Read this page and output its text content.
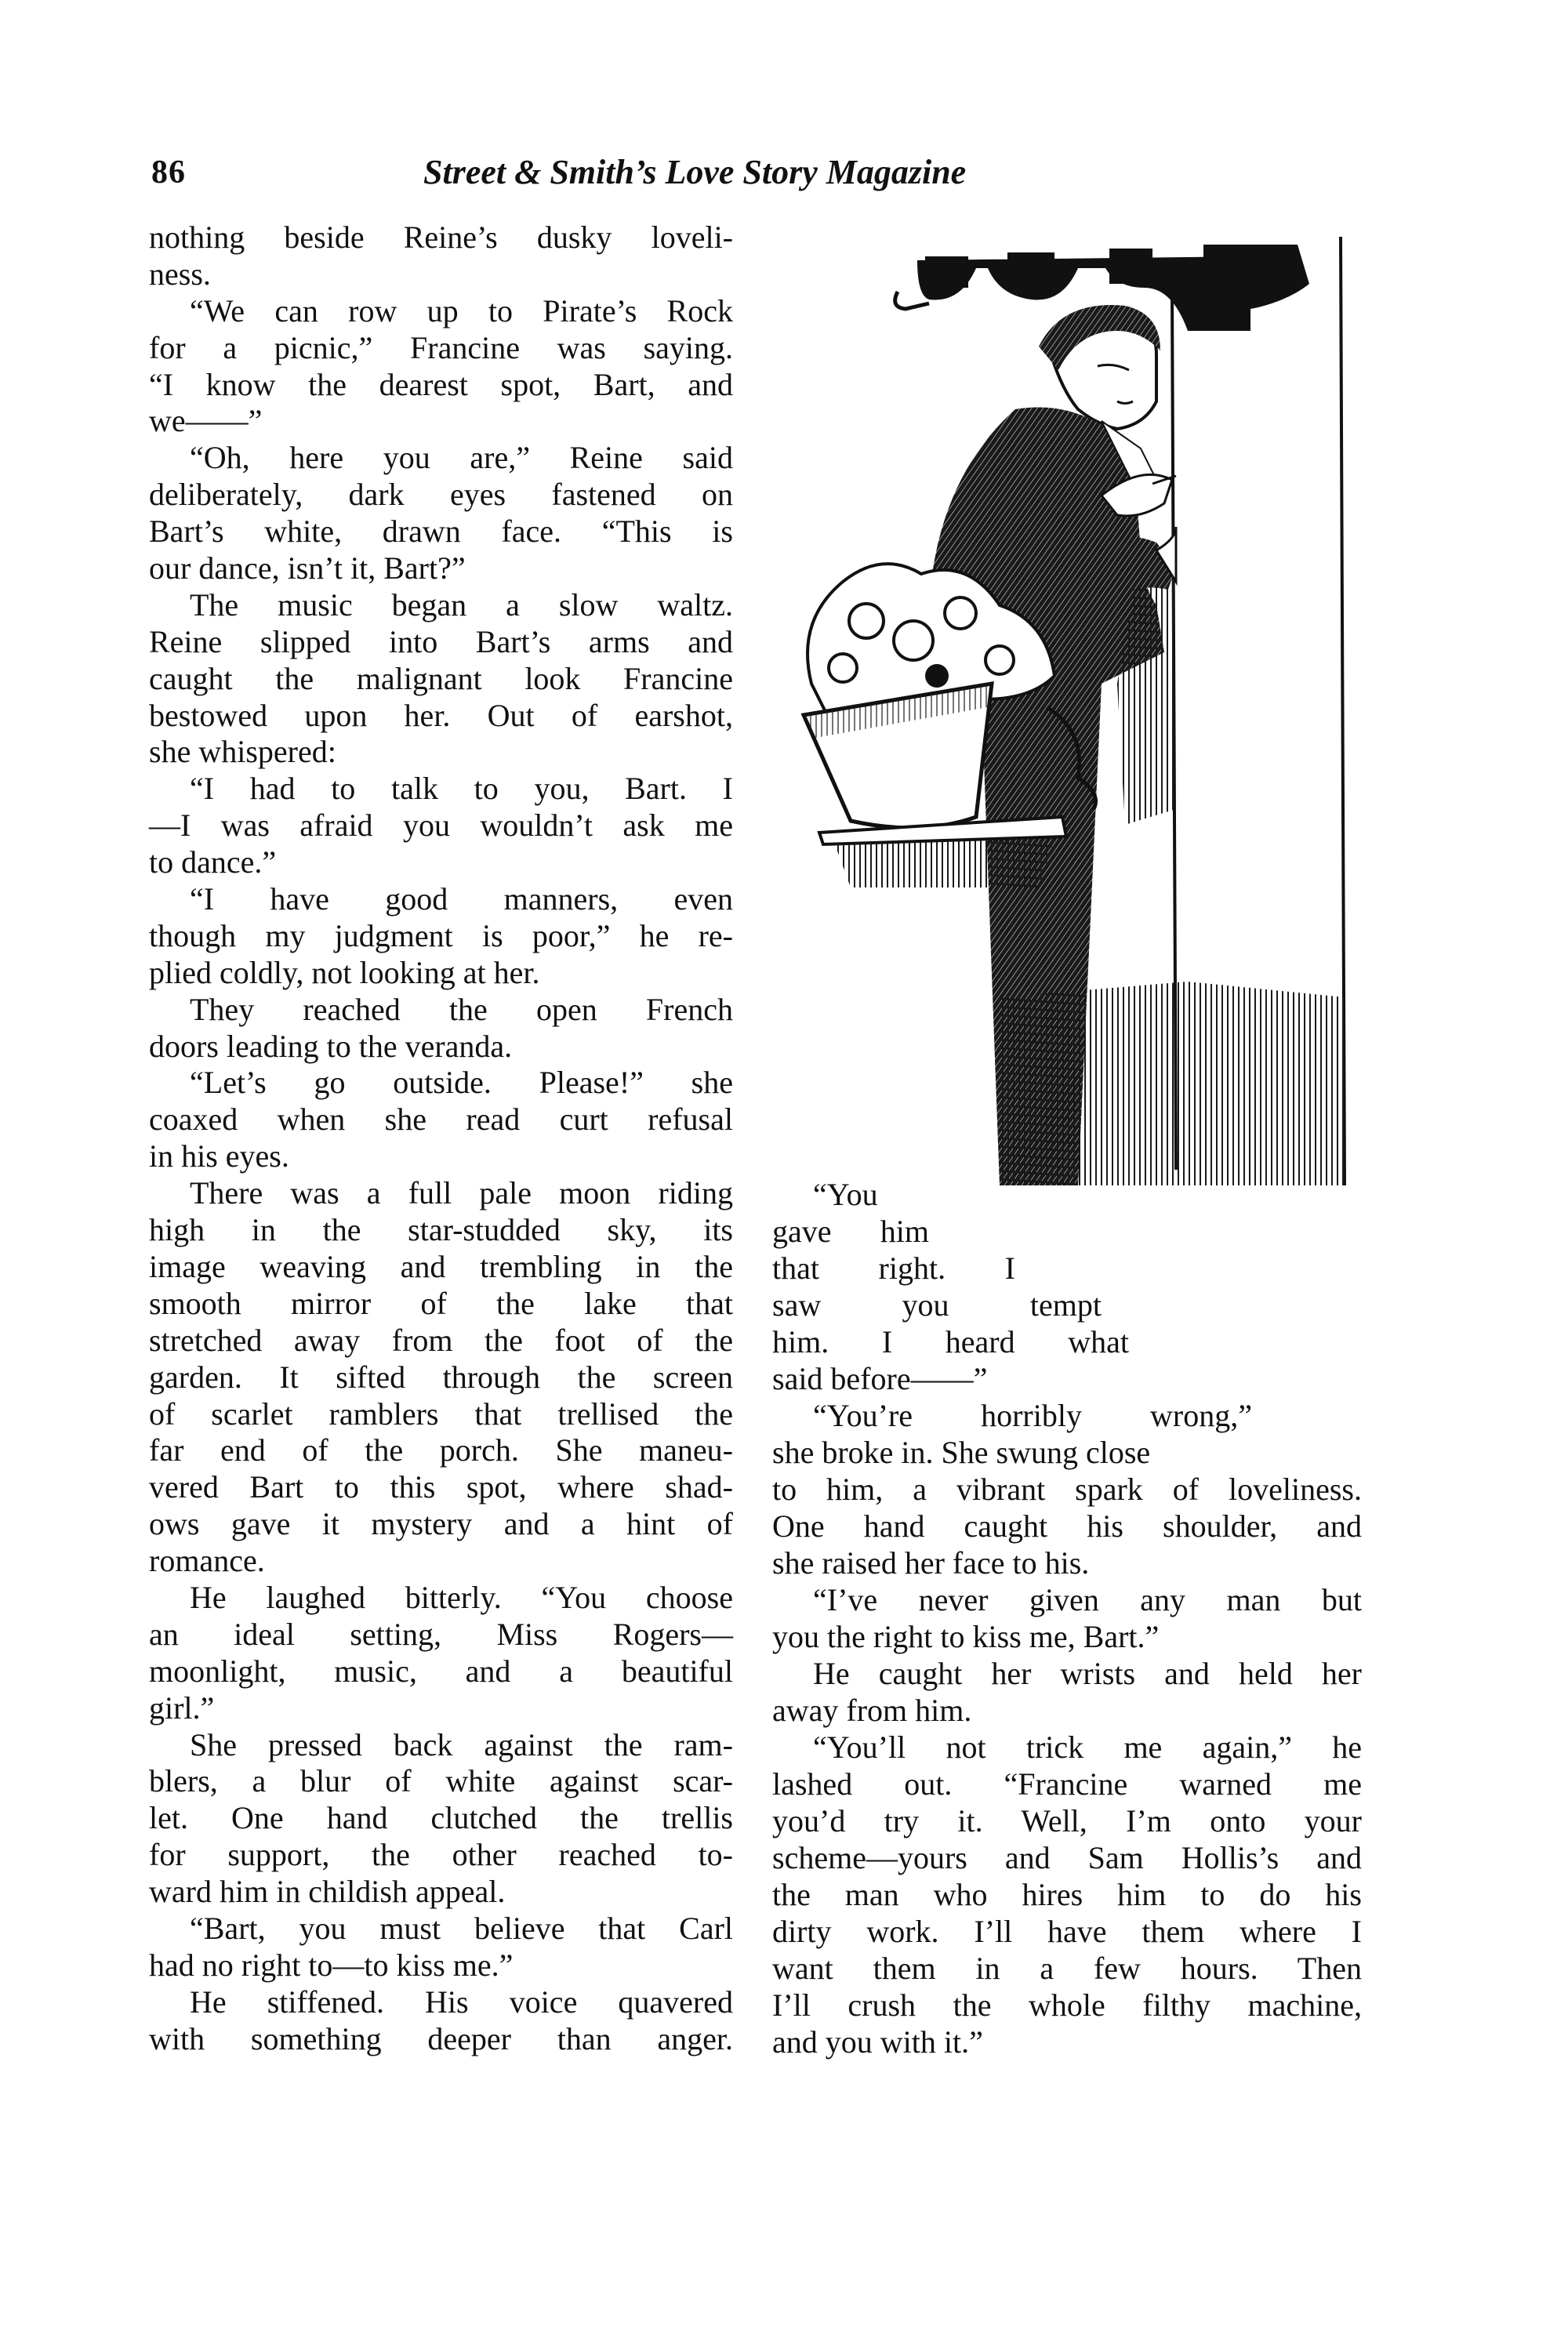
86	Street & Smith’s Love Story Magazine
nothing beside Reine’s dusky loveli-
ness.
“We can row up to Pirate’s Rock
for a picnic,” Francine was saying.
“I know the dearest spot, Bart, and
we——”
“Oh, here you are,” Reine said
deliberately, dark eyes fastened on
Bart’s white, drawn face. “This is
our dance, isn’t it, Bart?”
The music began a slow waltz.
Reine slipped into Bart’s arms and
caught the malignant look Francine
bestowed upon her. Out of earshot,
she whispered:
“I had to talk to you, Bart. I
—I was afraid you wouldn’t ask me
to dance.”
“I have good manners, even
though my judgment is poor,” he re-
plied coldly, not looking at her.
They reached the open French
doors leading to the veranda.
“Let’s go outside. Please!” she
coaxed when she read curt refusal
in his eyes.
There was a full pale moon riding
high in the star-studded sky, its
image weaving and trembling in the
smooth mirror of the lake that
stretched away from the foot of the
garden. It sifted through the screen
of scarlet ramblers that trellised the
far end of the porch. She maneu-
vered Bart to this spot, where shad-
ows gave it mystery and a hint of
romance.
He laughed bitterly. “You choose
an ideal setting, Miss Rogers—
moonlight, music, and a beautiful
girl.”
She pressed back against the ram-
blers, a blur of white against scar-
let. One hand clutched the trellis
for support, the other reached to-
ward him in childish appeal.
“Bart, you must believe that Carl
had no right to—to kiss me.”
He stiffened. His voice quavered
with something deeper than anger.
“You
gave him
that right. I
saw you tempt
him. I heard what
said before——”
“You’re horribly wrong,”
she broke in. She swung close
to him, a vibrant spark of loveliness.
One hand caught his shoulder, and
she raised her face to his.
“I’ve never given any man but
you the right to kiss me, Bart.”
He caught her wrists and held her
away from him.
“You’ll not trick me again,” he
lashed out. “Francine warned me
you’d try it. Well, I’m onto your
scheme—yours and Sam Hollis’s and
the man who hires him to do his
dirty work. I’ll have them where I
want them in a few hours. Then
I’ll crush the whole filthy machine,
and you with it.”
